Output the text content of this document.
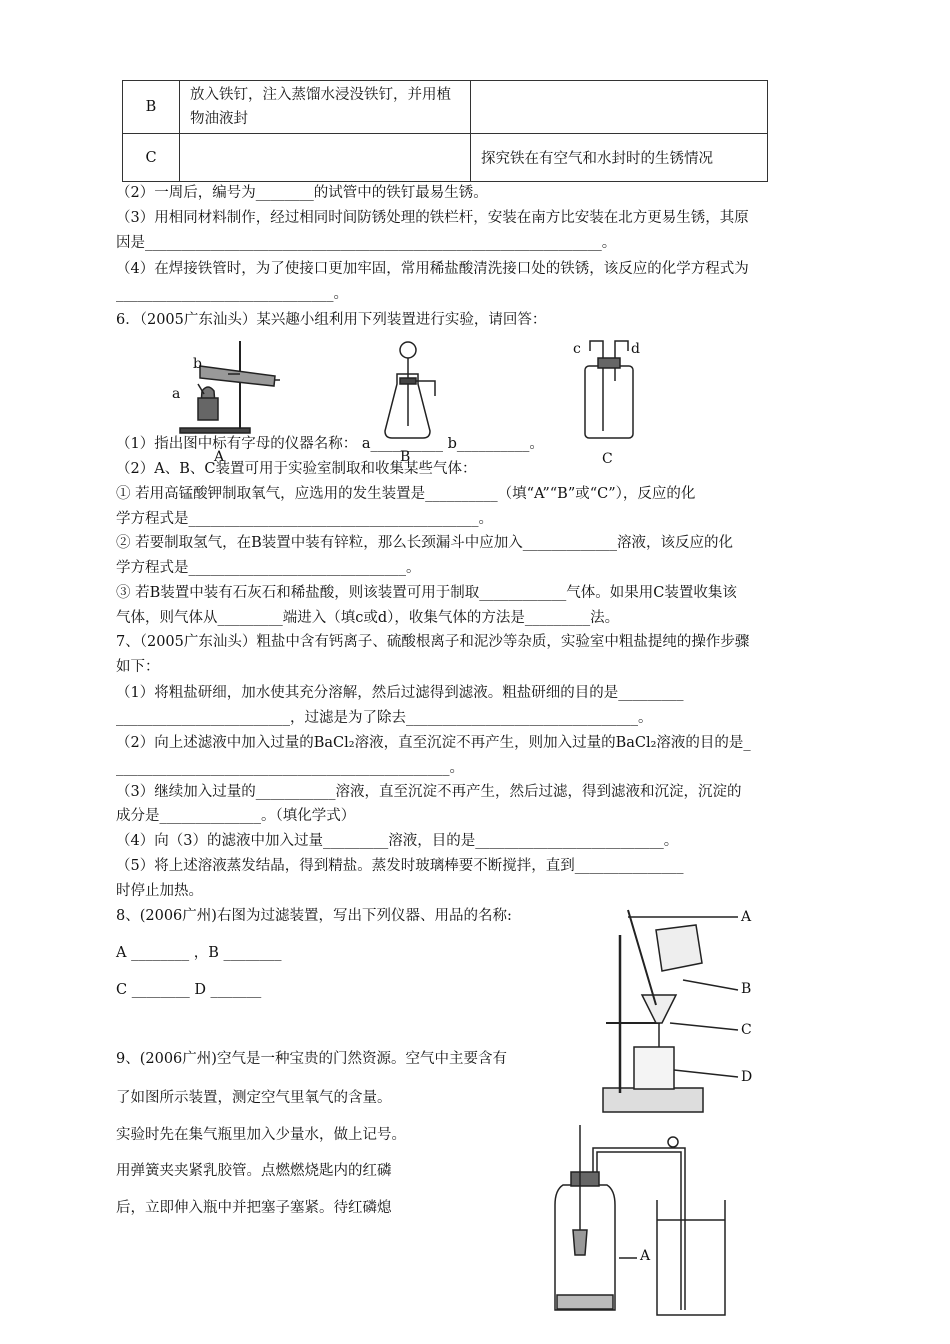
B	放入铁钉，注入蒸馏水浸没铁钉，并用植物油液封	
C		探究铁在有空气和水封时的生锈情况
（2）一周后，编号为________的试管中的铁钉最易生锈。
（3）用相同材料制作，经过相同时间防锈处理的铁栏杆，安装在南方比安装在北方更易生锈，其原
因是_______________________________________________________________。
（4）在焊接铁管时，为了使接口更加牢固，常用稀盐酸清洗接口处的铁锈，该反应的化学方程式为
______________________________。
6．（2005广东汕头）某兴趣小组利用下列装置进行实验，请回答：
a
b
c	d
（1）指出图中标有字母的仪器名称： a__________ b__________。
A	B	C
（2）A、B、C装置可用于实验室制取和收集某些气体：
① 若用高锰酸钾制取氧气，应选用的发生装置是__________（填“A”“B”或“C”），反应的化
学方程式是________________________________________。
② 若要制取氢气，在B装置中装有锌粒，那么长颈漏斗中应加入_____________溶液，该反应的化
学方程式是______________________________。
③ 若B装置中装有石灰石和稀盐酸，则该装置可用于制取____________气体。如果用C装置收集该
气体，则气体从_________端进入（填c或d），收集气体的方法是_________法。
7、（2005广东汕头）粗盐中含有钙离子、硫酸根离子和泥沙等杂质，实验室中粗盐提纯的操作步骤
如下：
（1）将粗盐研细，加水使其充分溶解，然后过滤得到滤液。粗盐研细的目的是_________
________________________，过滤是为了除去________________________________。
（2）向上述滤液中加入过量的BaCl₂溶液，直至沉淀不再产生，则加入过量的BaCl₂溶液的目的是_
______________________________________________。
（3）继续加入过量的___________溶液，直至沉淀不再产生，然后过滤，得到滤液和沉淀，沉淀的
成分是______________。（填化学式）
（4）向（3）的滤液中加入过量_________溶液，目的是__________________________。
（5）将上述溶液蒸发结晶，得到精盐。蒸发时玻璃棒要不断搅拌，直到_______________
时停止加热。
8、(2006广州)右图为过滤装置，写出下列仪器、用品的名称:
A ________ ，B ________
C ________ D _______
A
B
C
D
9、(2006广州)空气是一种宝贵的门然资源。空气中主要含有
了如图所示装置，测定空气里氧气的含量。
实验时先在集气瓶里加入少量水，做上记号。
用弹簧夹夹紧乳胶管。点燃燃烧匙内的红磷
后，立即伸入瓶中并把塞子塞紧。待红磷熄
A
